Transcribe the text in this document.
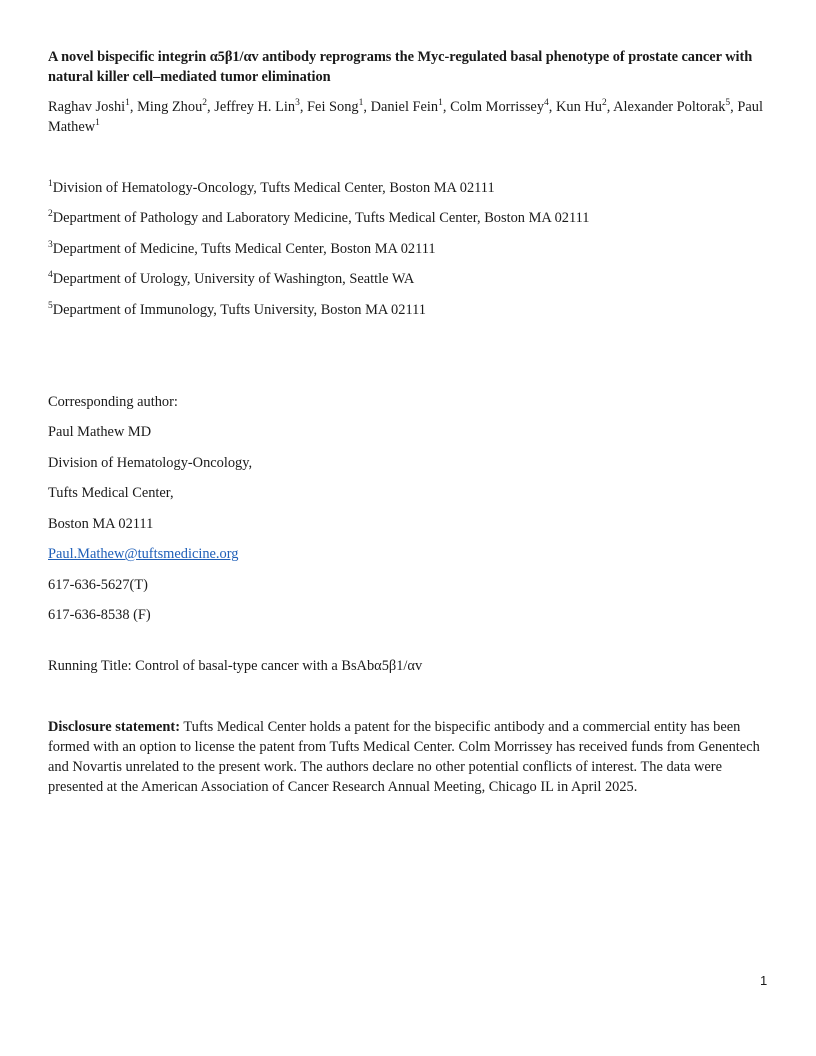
A novel bispecific integrin α5β1/αv antibody reprograms the Myc-regulated basal phenotype of prostate cancer with natural killer cell–mediated tumor elimination
Raghav Joshi$^1$, Ming Zhou$^2$, Jeffrey H. Lin$^3$, Fei Song$^1$, Daniel Fein$^1$, Colm Morrissey$^4$, Kun Hu$^2$, Alexander Poltorak$^5$, Paul Mathew$^1$
$^1$Division of Hematology-Oncology, Tufts Medical Center, Boston MA 02111
$^2$Department of Pathology and Laboratory Medicine, Tufts Medical Center, Boston MA 02111
$^3$Department of Medicine, Tufts Medical Center, Boston MA 02111
$^4$Department of Urology, University of Washington, Seattle WA
$^5$Department of Immunology, Tufts University, Boston MA 02111
Corresponding author:
Paul Mathew MD
Division of Hematology-Oncology,
Tufts Medical Center,
Boston MA 02111
Paul.Mathew@tuftsmedicine.org
617-636-5627(T)
617-636-8538 (F)
Running Title: Control of basal-type cancer with a BsAbα5β1/αv
Disclosure statement: Tufts Medical Center holds a patent for the bispecific antibody and a commercial entity has been formed with an option to license the patent from Tufts Medical Center. Colm Morrissey has received funds from Genentech and Novartis unrelated to the present work. The authors declare no other potential conflicts of interest. The data were presented at the American Association of Cancer Research Annual Meeting, Chicago IL in April 2025.
1
